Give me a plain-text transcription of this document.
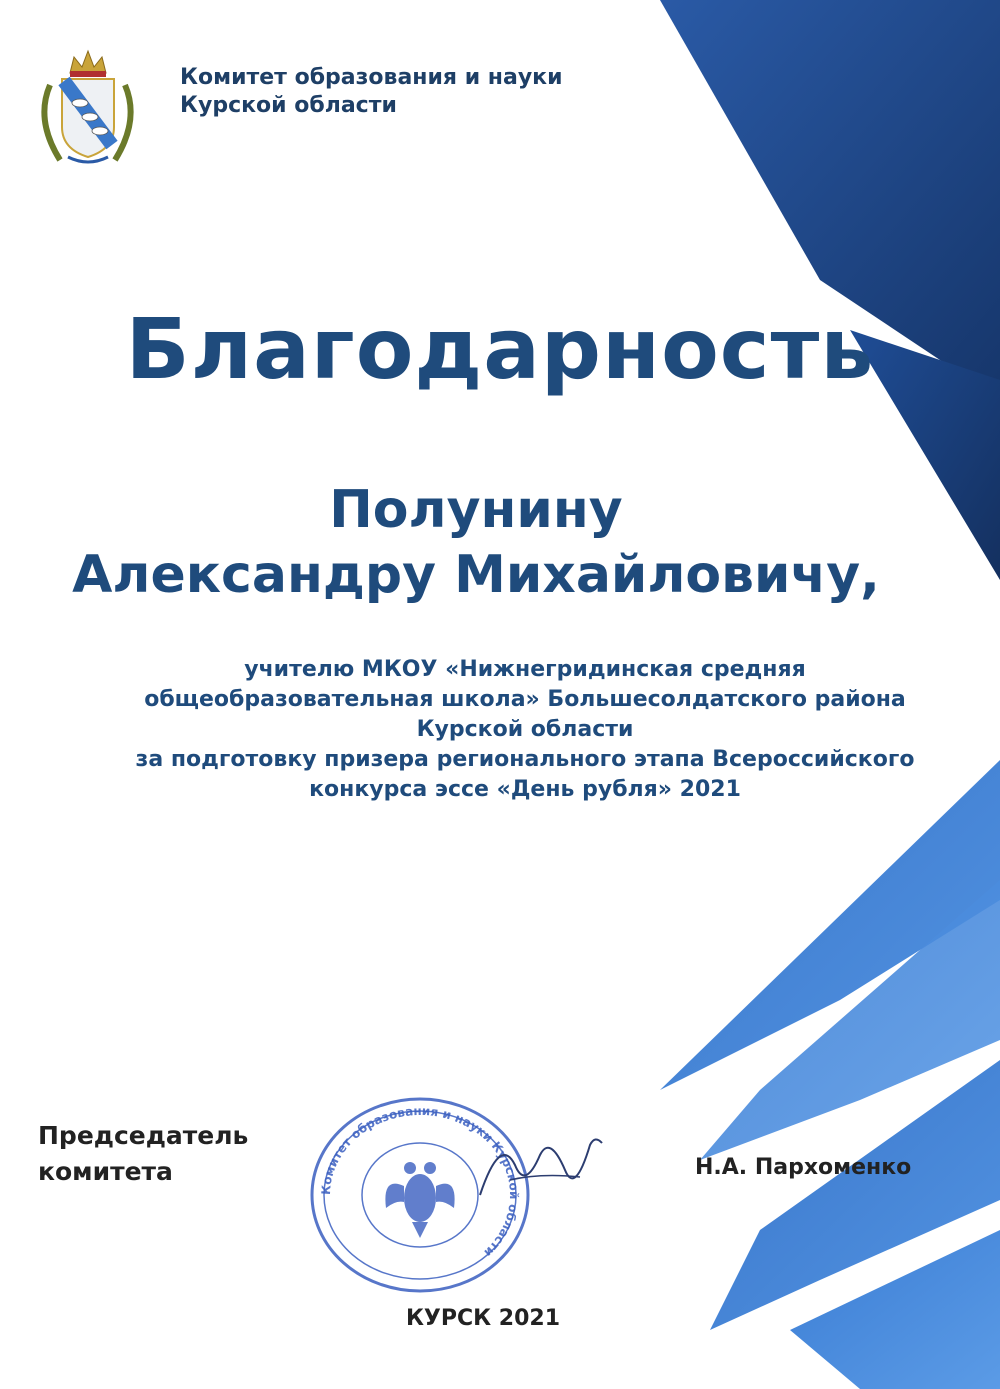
Комитет образования и науки
Курской области
Благодарность
Полунину
Александру Михайловичу,
учителю МКОУ «Нижнегридинская средняя
общеобразовательная школа» Большесолдатского района
Курской области
за подготовку призера регионального этапа Всероссийского
конкурса эссе «День рубля» 2021
Председатель
комитета
Комитет образования и науки Курской области
Н.А. Пархоменко
КУРСК 2021
